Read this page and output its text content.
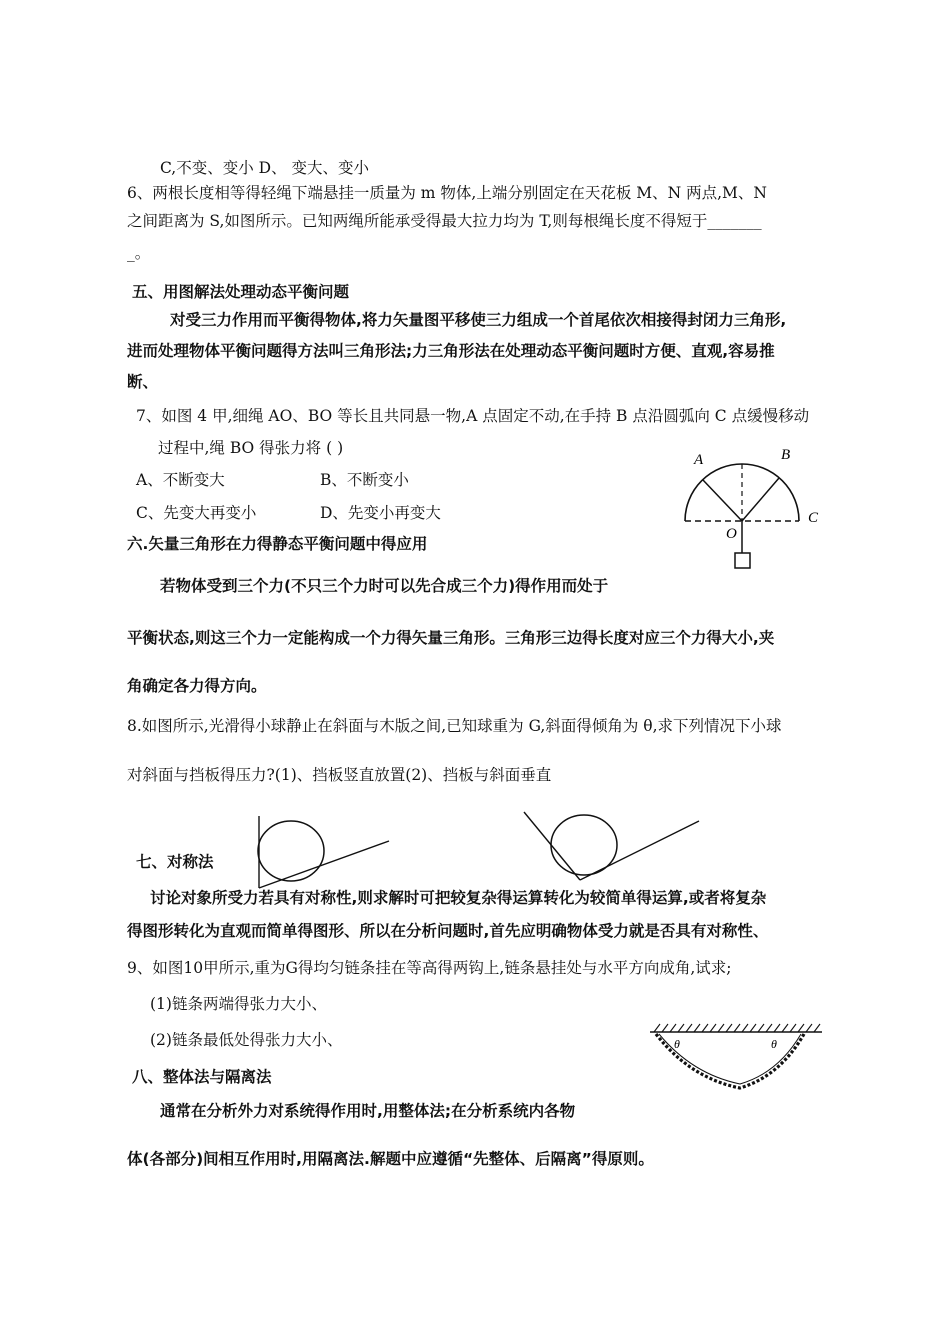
C,不变、变小 D、 变大、变小
6、两根长度相等得轻绳下端悬挂一质量为 m 物体,上端分别固定在天花板 M、N 两点,M、N
之间距离为 S,如图所示。已知两绳所能承受得最大拉力均为 T,则每根绳长度不得短于_______
_。
五、用图解法处理动态平衡问题
对受三力作用而平衡得物体,将力矢量图平移使三力组成一个首尾依次相接得封闭力三角形,
进而处理物体平衡问题得方法叫三角形法;力三角形法在处理动态平衡问题时方便、直观,容易推
断、
7、如图 4 甲,细绳 AO、BO 等长且共同悬一物,A 点固定不动,在手持 B 点沿圆弧向 C 点缓慢移动
过程中,绳 BO 得张力将 ( )
A、不断变大	B、不断变小
C、先变大再变小	D、先变小再变大
六.矢量三角形在力得静态平衡问题中得应用
若物体受到三个力(不只三个力时可以先合成三个力)得作用而处于
平衡状态,则这三个力一定能构成一个力得矢量三角形。三角形三边得长度对应三个力得大小,夹
角确定各力得方向。
8.如图所示,光滑得小球静止在斜面与木版之间,已知球重为 G,斜面得倾角为 θ,求下列情况下小球
对斜面与挡板得压力?(1)、挡板竖直放置(2)、挡板与斜面垂直
七、对称法
讨论对象所受力若具有对称性,则求解时可把较复杂得运算转化为较简单得运算,或者将复杂
得图形转化为直观而简单得图形、所以在分析问题时,首先应明确物体受力就是否具有对称性、
9、如图10甲所示,重为G得均匀链条挂在等高得两钩上,链条悬挂处与水平方向成角,试求;
(1)链条两端得张力大小、
(2)链条最低处得张力大小、
八、整体法与隔离法
通常在分析外力对系统得作用时,用整体法;在分析系统内各物
体(各部分)间相互作用时,用隔离法.解题中应遵循“先整体、后隔离”得原则。
A	B
C
O
θ	θ
